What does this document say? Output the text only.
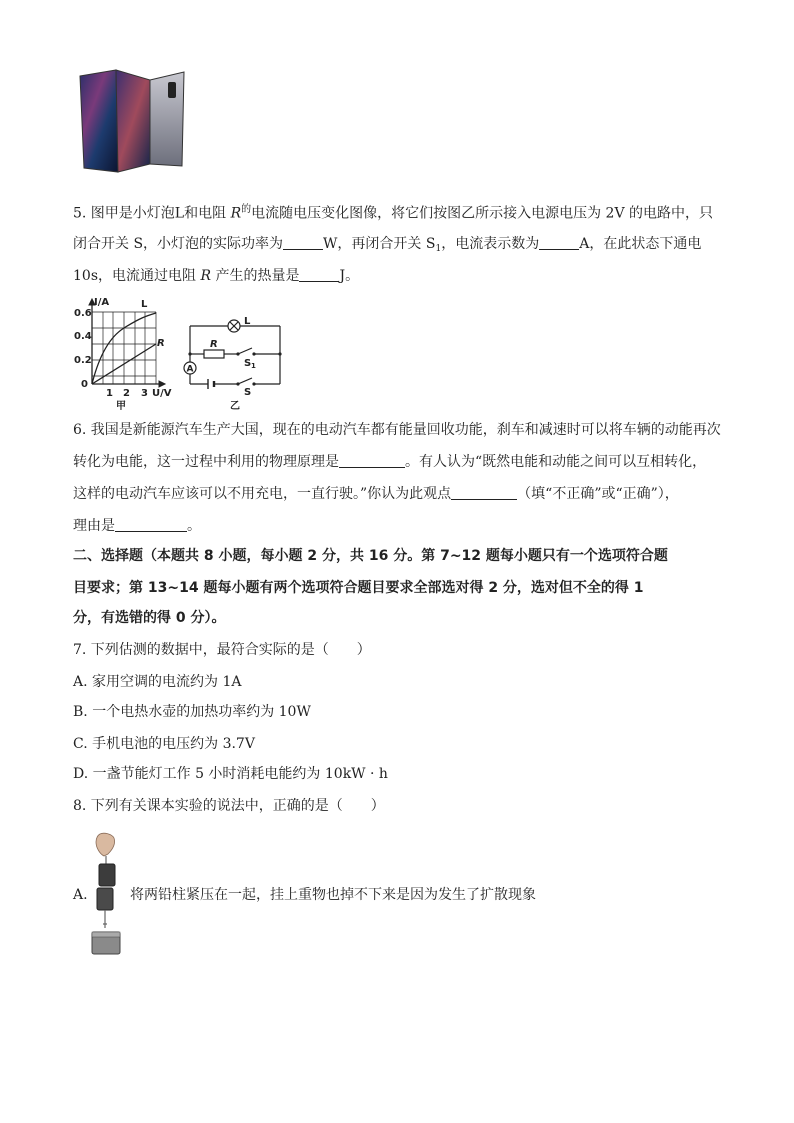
5. 图甲是小灯泡L和电阻 $R^的$电流随电压变化图像，将它们按图乙所示接入电源电压为 2V 的电路中，只
闭合开关 S，小灯泡的实际功率为	W，再闭合开关 $S_1$，电流表示数为	A，在此状态下通电
10s，电流通过电阻 R 产生的热量是	J。
I/A
0.6
0.4
0.2
0
1 2 3 U/V
L
R
甲	乙
L
R
A
S 1
S
6. 我国是新能源汽车生产大国，现在的电动汽车都有能量回收功能，刹车和减速时可以将车辆的动能再次
转化为电能，这一过程中利用的物理原理是	。有人认为“既然电能和动能之间可以互相转化，
这样的电动汽车应该可以不用充电，一直行驶。”你认为此观点	（填“不正确”或“正确”），
理由是	。
二、选择题（本题共 8 小题，每小题 2 分，共 16 分。第 7~12 题每小题只有一个选项符合题
目要求；第 13~14 题每小题有两个选项符合题目要求全部选对得 2 分，选对但不全的得 1
分，有选错的得 0 分）。
7. 下列估测的数据中，最符合实际的是（　　）
A. 家用空调的电流约为 1A
B. 一个电热水壶的加热功率约为 10W
C. 手机电池的电压约为 3.7V
D. 一盏节能灯工作 5 小时消耗电能约为 10kW · h
8. 下列有关课本实验的说法中，正确的是（　　）
A.	将两铅柱紧压在一起，挂上重物也掉不下来是因为发生了扩散现象
